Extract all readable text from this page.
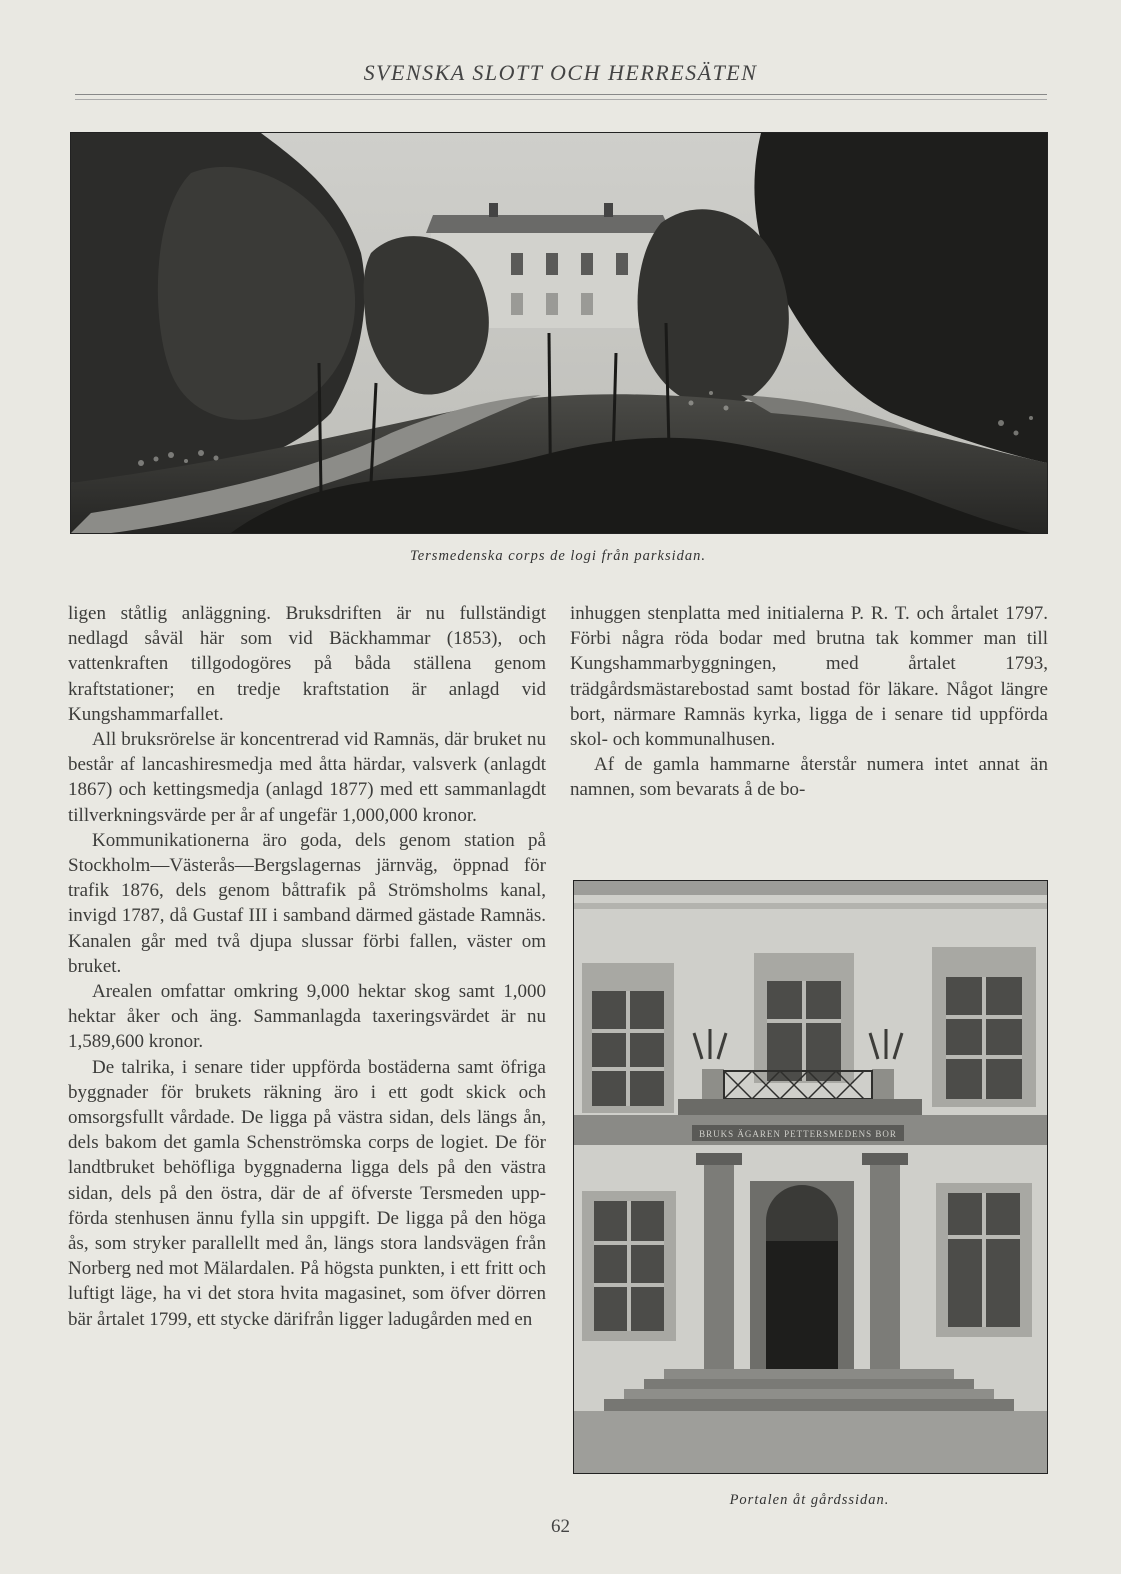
SVENSKA SLOTT OCH HERRESÄTEN
Tersmedenska corps de logi från parksidan.

ligen ståtlig anläggning. Bruksdriften är nu fullständigt nedlagd såväl här som vid Bäckhammar (1853), och vattenkraften tillgodogöres på båda ställena genom kraftstationer; en tredje kraftstation är anlagd vid Kungshammarfallet.

All bruksrörelse är koncentrerad vid Ramnäs, där bruket nu består af lancashiresmedja med åtta härdar, valsverk (anlagdt 1867) och kettingsmedja (anlagd 1877) med ett sammanlagdt tillverkningsvärde per år af ungefär 1,000,000 kronor.

Kommunikationerna äro goda, dels genom station på Stockholm—Västerås—Bergslagernas järnväg, öppnad för trafik 1876, dels genom båttrafik på Strömsholms kanal, invigd 1787, då Gustaf III i samband därmed gästade Ramnäs. Kanalen går med två djupa slussar förbi fallen, väster om bruket.

Arealen omfattar omkring 9,000 hektar skog samt 1,000 hektar åker och äng. Sammanlagda taxeringsvärdet är nu 1,589,600 kronor.

De talrika, i senare tider uppförda bostäderna samt öfriga byggnader för brukets räkning äro i ett godt skick och omsorgsfullt vårdade. De ligga på västra sidan, dels längs ån, dels bakom det gamla Schenströmska corps de logiet. De för landtbruket behöfliga byggnaderna ligga dels på den västra sidan, dels på den östra, där de af öfverste Tersmeden uppförda stenhusen ännu fylla sin uppgift. De ligga på den höga ås, som stryker parallellt med ån, längs stora landsvägen från Norberg ned mot Mälardalen. På högsta punkten, i ett fritt och luftigt läge, ha vi det stora hvita magasinet, som öfver dörren bär årtalet 1799, ett stycke därifrån ligger ladugården med en

inhuggen stenplatta med initialerna P. R. T. och årtalet 1797. Förbi några röda bodar med brutna tak kommer man till Kungshammarbyggningen, med årtalet 1793, trädgårdsmästarebostad samt bostad för läkare. Något längre bort, närmare Ramnäs kyrka, ligga de i senare tid uppförda skol- och kommunalhusen.

Af de gamla hammarne återstår numera intet annat än namnen, som bevarats å de bo-

BRUKS ÄGAREN PETTERSMEDENS BOR
Portalen åt gårdssidan.
62
